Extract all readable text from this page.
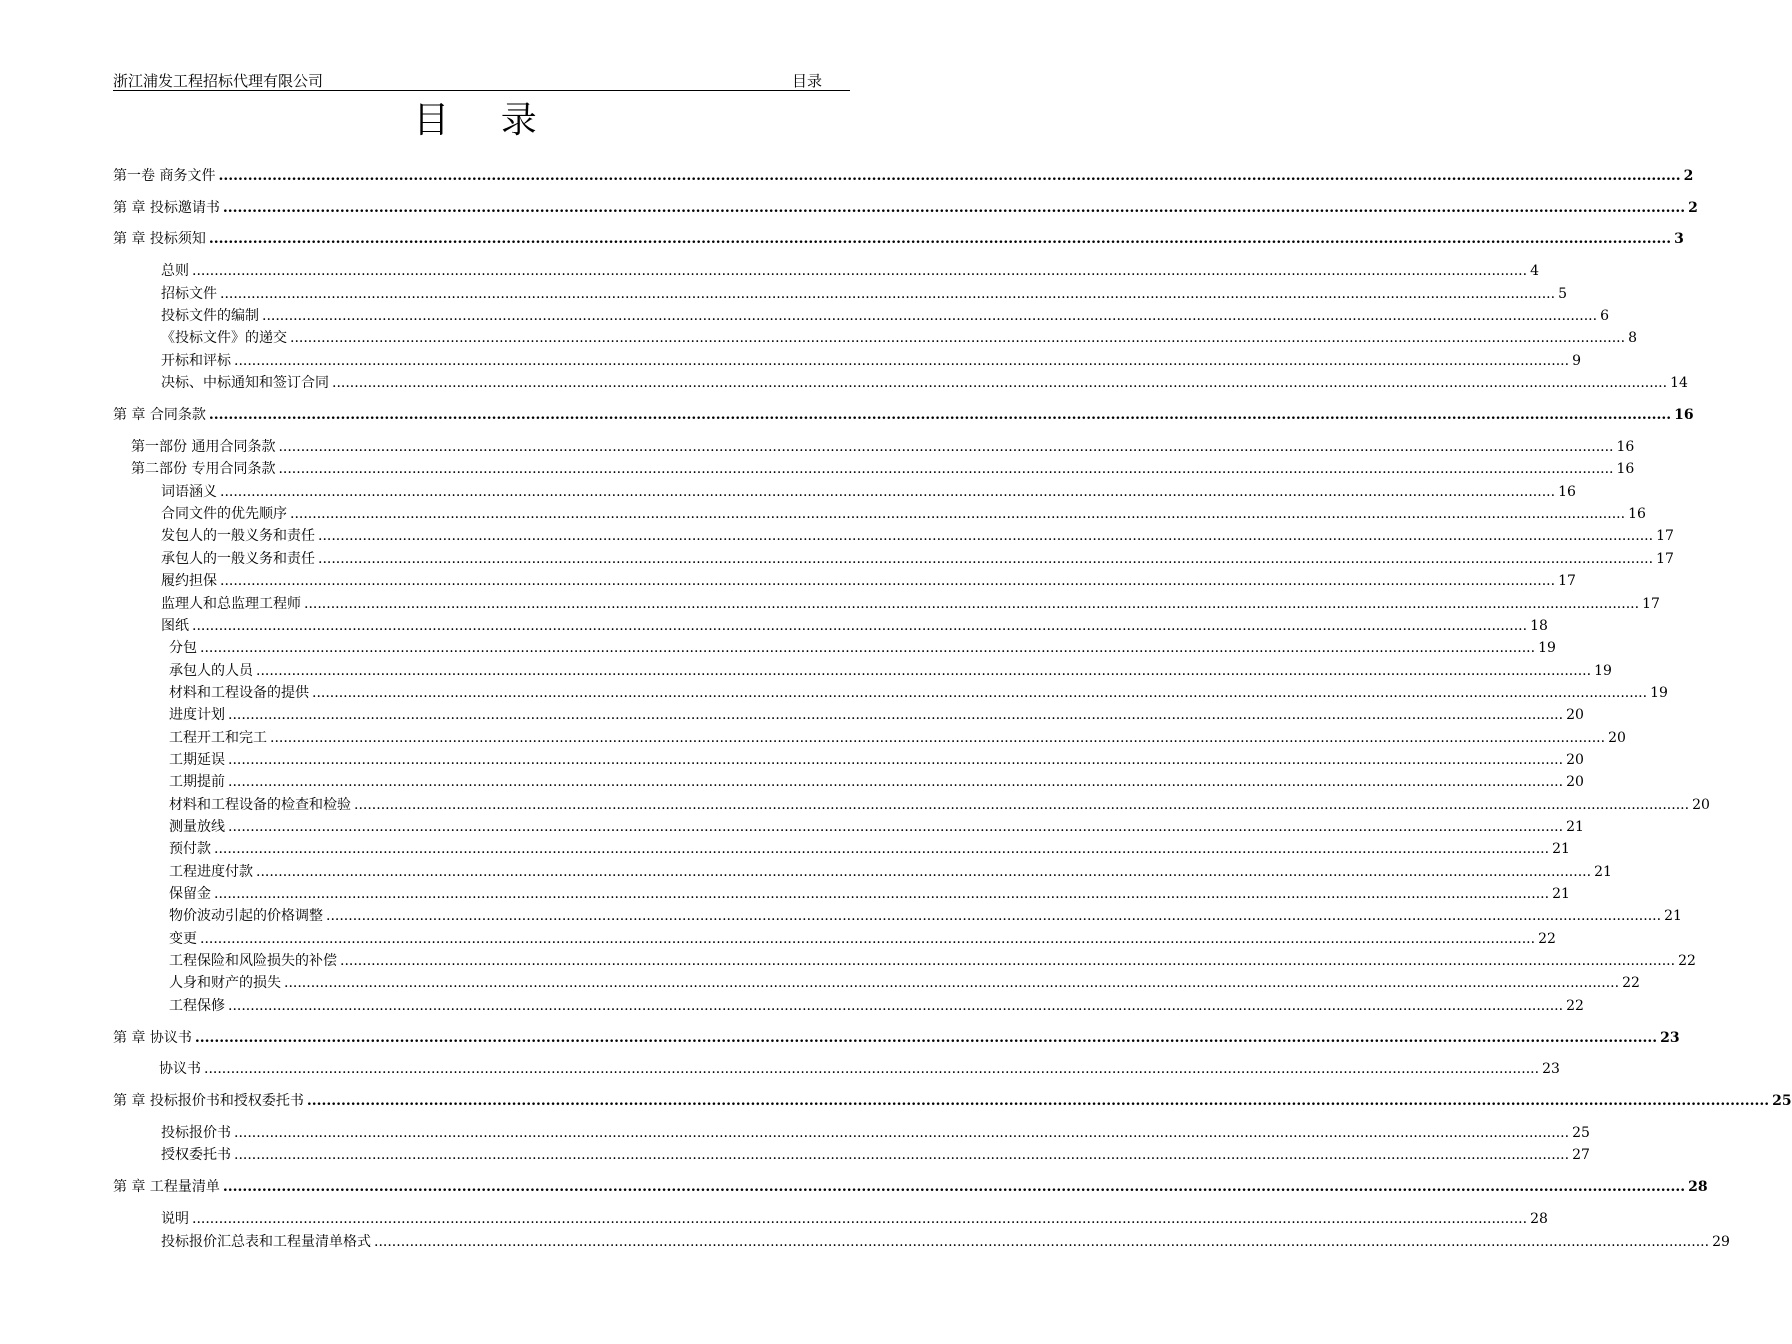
浙江浦发工程招标代理有限公司	目录
目 录
第一卷 商务文件 ............................................................................................................................................................................................................................................................................................................ 2
第 章 投标邀请书 ............................................................................................................................................................................................................................................................................................................ 2
第 章 投标须知 ............................................................................................................................................................................................................................................................................................................ 3
总则 ............................................................................................................................................................................................................................................................................................................ 4
招标文件 ............................................................................................................................................................................................................................................................................................................ 5
投标文件的编制 ............................................................................................................................................................................................................................................................................................................ 6
《投标文件》的递交 ............................................................................................................................................................................................................................................................................................................ 8
开标和评标 ............................................................................................................................................................................................................................................................................................................ 9
决标、中标通知和签订合同 ............................................................................................................................................................................................................................................................................................................ 14
第 章 合同条款 ............................................................................................................................................................................................................................................................................................................ 16
第一部份 通用合同条款 ............................................................................................................................................................................................................................................................................................................ 16
第二部份 专用合同条款 ............................................................................................................................................................................................................................................................................................................ 16
词语涵义 ............................................................................................................................................................................................................................................................................................................ 16
合同文件的优先顺序 ............................................................................................................................................................................................................................................................................................................ 16
发包人的一般义务和责任 ............................................................................................................................................................................................................................................................................................................ 17
承包人的一般义务和责任 ............................................................................................................................................................................................................................................................................................................ 17
履约担保 ............................................................................................................................................................................................................................................................................................................ 17
监理人和总监理工程师 ............................................................................................................................................................................................................................................................................................................ 17
图纸 ............................................................................................................................................................................................................................................................................................................ 18
分包 ............................................................................................................................................................................................................................................................................................................ 19
承包人的人员 ............................................................................................................................................................................................................................................................................................................ 19
材料和工程设备的提供 ............................................................................................................................................................................................................................................................................................................ 19
进度计划 ............................................................................................................................................................................................................................................................................................................ 20
工程开工和完工 ............................................................................................................................................................................................................................................................................................................ 20
工期延误 ............................................................................................................................................................................................................................................................................................................ 20
工期提前 ............................................................................................................................................................................................................................................................................................................ 20
材料和工程设备的检查和检验 ............................................................................................................................................................................................................................................................................................................ 20
测量放线 ............................................................................................................................................................................................................................................................................................................ 21
预付款 ............................................................................................................................................................................................................................................................................................................ 21
工程进度付款 ............................................................................................................................................................................................................................................................................................................ 21
保留金 ............................................................................................................................................................................................................................................................................................................ 21
物价波动引起的价格调整 ............................................................................................................................................................................................................................................................................................................ 21
变更 ............................................................................................................................................................................................................................................................................................................ 22
工程保险和风险损失的补偿 ............................................................................................................................................................................................................................................................................................................ 22
人身和财产的损失 ............................................................................................................................................................................................................................................................................................................ 22
工程保修 ............................................................................................................................................................................................................................................................................................................ 22
第 章 协议书 ............................................................................................................................................................................................................................................................................................................ 23
协议书 ............................................................................................................................................................................................................................................................................................................ 23
第 章 投标报价书和授权委托书 ............................................................................................................................................................................................................................................................................................................ 25
投标报价书 ............................................................................................................................................................................................................................................................................................................ 25
授权委托书 ............................................................................................................................................................................................................................................................................................................ 27
第 章 工程量清单 ............................................................................................................................................................................................................................................................................................................ 28
说明 ............................................................................................................................................................................................................................................................................................................ 28
投标报价汇总表和工程量清单格式 ............................................................................................................................................................................................................................................................................................................ 29
